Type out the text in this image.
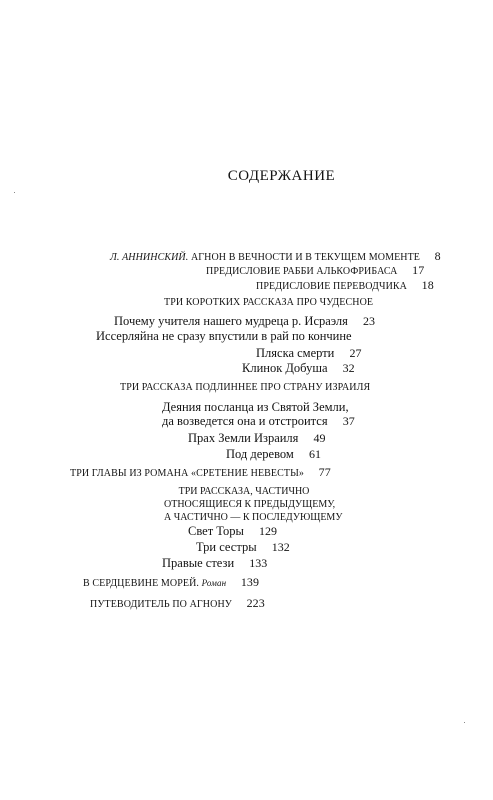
СОДЕРЖАНИЕ
Л. АННИНСКИЙ. АГНОН В ВЕЧНОСТИ И В ТЕКУЩЕМ МОМЕНТЕ 8
ПРЕДИСЛОВИЕ РАББИ АЛЬКОФРИБАСА 17
ПРЕДИСЛОВИЕ ПЕРЕВОДЧИКА 18
ТРИ КОРОТКИХ РАССКАЗА ПРО ЧУДЕСНОЕ
Почему учителя нашего мудреца р. Исраэля 23
Иссерляйна не сразу впустили в рай по кончине
Пляска смерти 27
Клинок Добуша 32
ТРИ РАССКАЗА ПОДЛИННЕЕ ПРО СТРАНУ ИЗРАИЛЯ
Деяния посланца из Святой Земли,
да возведется она и отстроится 37
Прах Земли Израиля 49
Под деревом 61
ТРИ ГЛАВЫ ИЗ РОМАНА «СРЕТЕНИЕ НЕВЕСТЫ» 77
ТРИ РАССКАЗА, ЧАСТИЧНО
ОТНОСЯЩИЕСЯ К ПРЕДЫДУЩЕМУ,
А ЧАСТИЧНО — К ПОСЛЕДУЮЩЕМУ
Свет Торы 129
Три сестры 132
Правые стези 133
В СЕРДЦЕВИНЕ МОРЕЙ. Роман 139
ПУТЕВОДИТЕЛЬ ПО АГНОНУ 223
